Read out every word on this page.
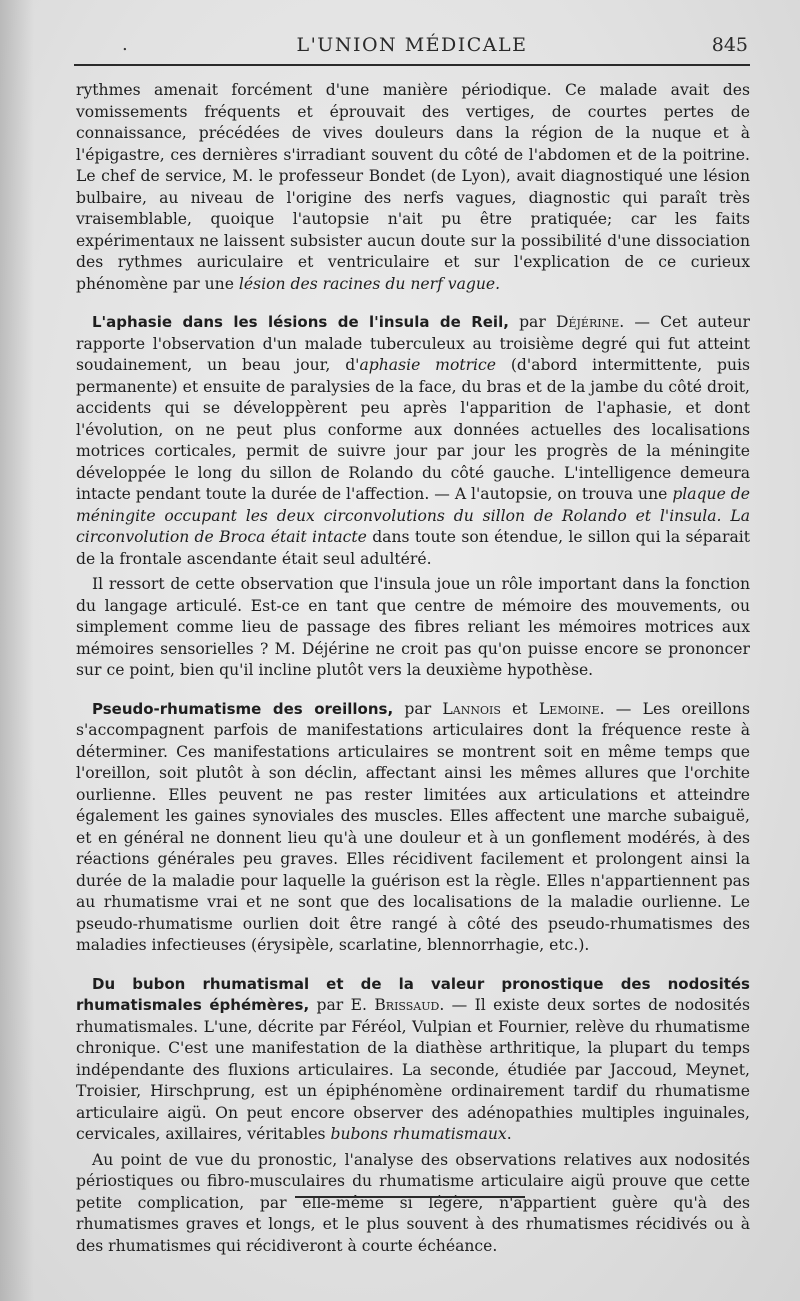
.	L'UNION MÉDICALE	845

rythmes amenait forcément d'une manière périodique. Ce malade avait des vomissements fréquents et éprouvait des vertiges, de courtes pertes de connaissance, précédées de vives douleurs dans la région de la nuque et à l'épigastre, ces dernières s'irradiant souvent du côté de l'abdomen et de la poitrine. Le chef de service, M. le professeur Bondet (de Lyon), avait diagnostiqué une lésion bulbaire, au niveau de l'origine des nerfs vagues, diagnostic qui paraît très vraisemblable, quoique l'autopsie n'ait pu être pratiquée; car les faits expérimentaux ne laissent subsister aucun doute sur la possibilité d'une dissociation des rythmes auriculaire et ventriculaire et sur l'explication de ce curieux phénomène par une lésion des racines du nerf vague.

L'aphasie dans les lésions de l'insula de Reil, par Déjérine. — Cet auteur rapporte l'observation d'un malade tuberculeux au troisième degré qui fut atteint soudainement, un beau jour, d'aphasie motrice (d'abord intermittente, puis permanente) et ensuite de paralysies de la face, du bras et de la jambe du côté droit, accidents qui se développèrent peu après l'apparition de l'aphasie, et dont l'évolution, on ne peut plus conforme aux données actuelles des localisations motrices corticales, permit de suivre jour par jour les progrès de la méningite développée le long du sillon de Rolando du côté gauche. L'intelligence demeura intacte pendant toute la durée de l'affection. — A l'autopsie, on trouva une plaque de méningite occupant les deux circonvolutions du sillon de Rolando et l'insula. La circonvolution de Broca était intacte dans toute son étendue, le sillon qui la séparait de la frontale ascendante était seul adultéré.

Il ressort de cette observation que l'insula joue un rôle important dans la fonction du langage articulé. Est-ce en tant que centre de mémoire des mouvements, ou simplement comme lieu de passage des fibres reliant les mémoires motrices aux mémoires sensorielles ? M. Déjérine ne croit pas qu'on puisse encore se prononcer sur ce point, bien qu'il incline plutôt vers la deuxième hypothèse.

Pseudo-rhumatisme des oreillons, par Lannois et Lemoine. — Les oreillons s'accompagnent parfois de manifestations articulaires dont la fréquence reste à déterminer. Ces manifestations articulaires se montrent soit en même temps que l'oreillon, soit plutôt à son déclin, affectant ainsi les mêmes allures que l'orchite ourlienne. Elles peuvent ne pas rester limitées aux articulations et atteindre également les gaines synoviales des muscles. Elles affectent une marche subaiguë, et en général ne donnent lieu qu'à une douleur et à un gonflement modérés, à des réactions générales peu graves. Elles récidivent facilement et prolongent ainsi la durée de la maladie pour laquelle la guérison est la règle. Elles n'appartiennent pas au rhumatisme vrai et ne sont que des localisations de la maladie ourlienne. Le pseudo-rhumatisme ourlien doit être rangé à côté des pseudo-rhumatismes des maladies infectieuses (érysipèle, scarlatine, blennorrhagie, etc.).

Du bubon rhumatismal et de la valeur pronostique des nodosités rhumatismales éphémères, par E. Brissaud. — Il existe deux sortes de nodosités rhumatismales. L'une, décrite par Féréol, Vulpian et Fournier, relève du rhumatisme chronique. C'est une manifestation de la diathèse arthritique, la plupart du temps indépendante des fluxions articulaires. La seconde, étudiée par Jaccoud, Meynet, Troisier, Hirschprung, est un épiphénomène ordinairement tardif du rhumatisme articulaire aigü. On peut encore observer des adénopathies multiples inguinales, cervicales, axillaires, véritables bubons rhumatismaux.

Au point de vue du pronostic, l'analyse des observations relatives aux nodosités périostiques ou fibro-musculaires du rhumatisme articulaire aigü prouve que cette petite complication, par elle-même si légère, n'appartient guère qu'à des rhumatismes graves et longs, et le plus souvent à des rhumatismes récidivés ou à des rhumatismes qui récidiveront à courte échéance.
